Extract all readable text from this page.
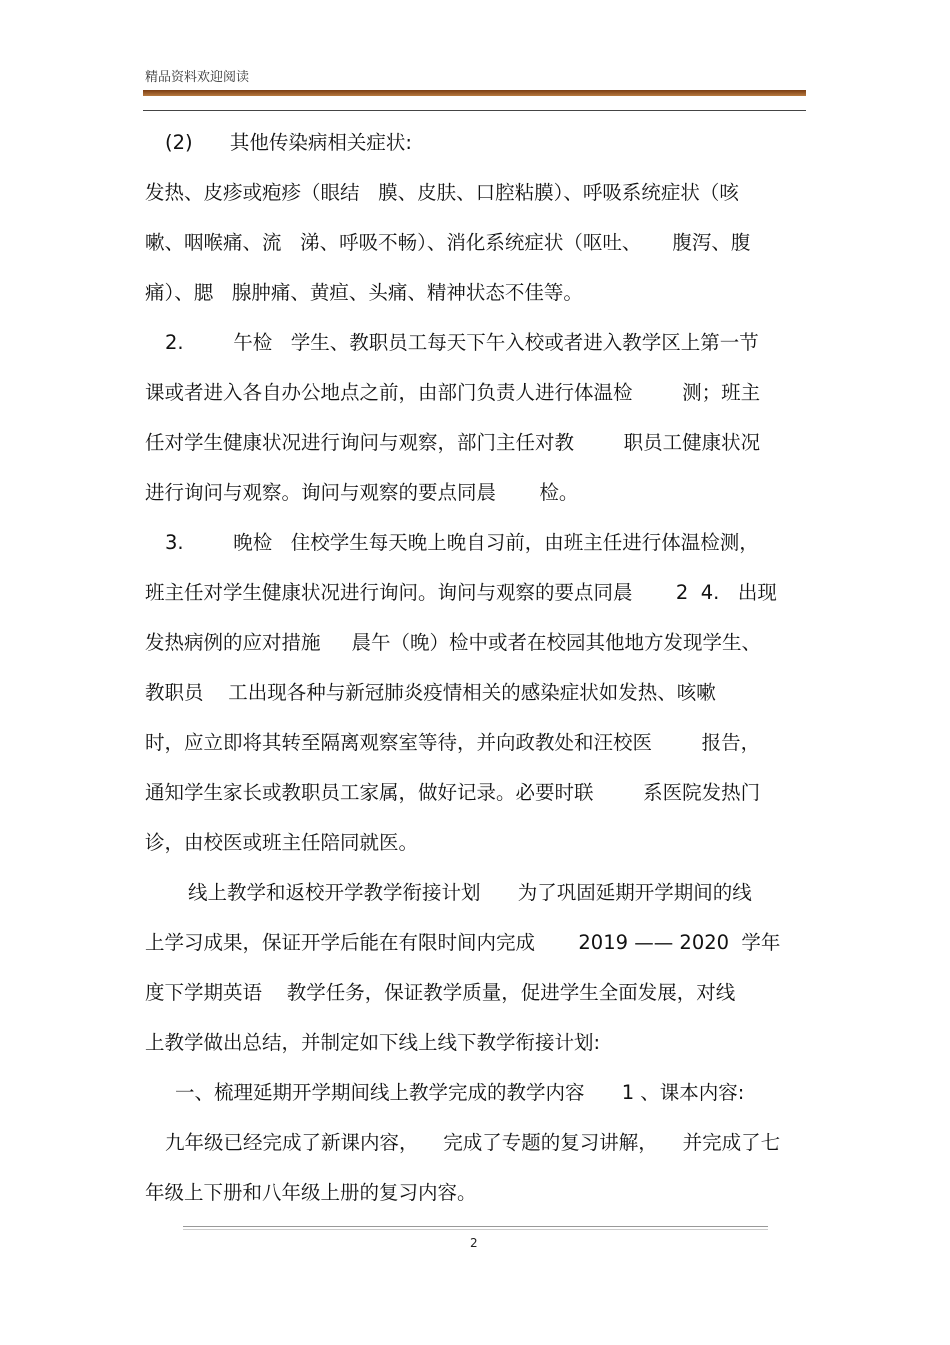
精品资料欢迎阅读
(2)      其他传染病相关症状:
发热、皮疹或疱疹（眼结   膜、皮肤、口腔粘膜）、呼吸系统症状（咳
嗽、咽喉痛、流   涕、呼吸不畅）、消化系统症状（呕吐、     腹泻、腹
痛）、腮   腺肿痛、黄疸、头痛、精神状态不佳等。
2.        午检   学生、教职员工每天下午入校或者进入教学区上第一节
课或者进入各自办公地点之前，由部门负责人进行体温检        测；班主
任对学生健康状况进行询问与观察，部门主任对教        职员工健康状况
进行询问与观察。询问与观察的要点同晨       检。
3.        晚检   住校学生每天晚上晚自习前，由班主任进行体温检测，
班主任对学生健康状况进行询问。询问与观察的要点同晨       2  4.   出现
发热病例的应对措施     晨午（晚）检中或者在校园其他地方发现学生、
教职员    工出现各种与新冠肺炎疫情相关的感染症状如发热、咳嗽
时，应立即将其转至隔离观察室等待，并向政教处和汪校医        报告，
通知学生家长或教职员工家属，做好记录。必要时联        系医院发热门
诊，由校医或班主任陪同就医。
线上教学和返校开学教学衔接计划      为了巩固延期开学期间的线
上学习成果，保证开学后能在有限时间内完成       2019 —— 2020  学年
度下学期英语    教学任务，保证教学质量，促进学生全面发展，对线
上教学做出总结，并制定如下线上线下教学衔接计划:
一、梳理延期开学期间线上教学完成的教学内容      1 、课本内容:
九年级已经完成了新课内容，    完成了专题的复习讲解，    并完成了七
年级上下册和八年级上册的复习内容。
2
